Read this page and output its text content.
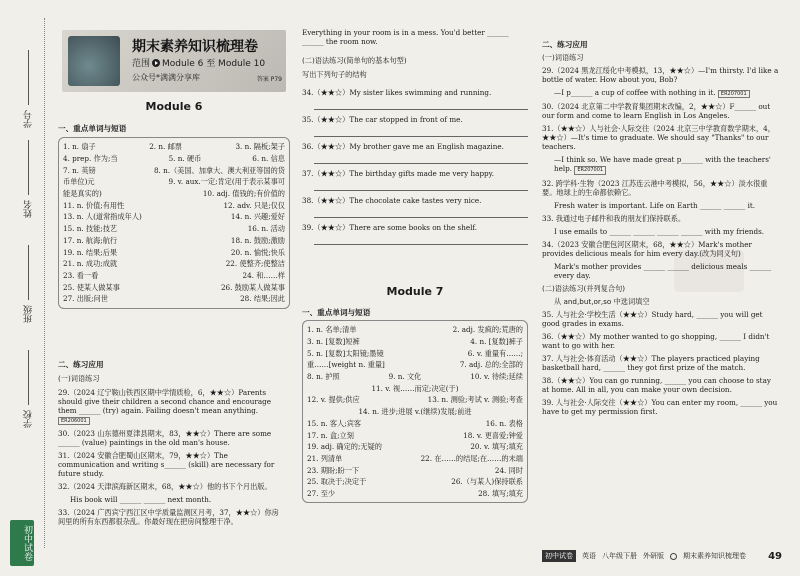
学号
姓名
班级
学校
初中试卷
期末素养知识梳理卷
范围 Module 6 至 Module 10
公众号*满满分享库	答案 P79
Module 6
一、重点单词与短语
1. n. 扇子	2. n. 邮票	3. n. 隔板;架子
4. prep. 作为;当	5. n. 硬币	6. n. 信息
7. n. 英镑	8. n.（美国、加拿大、澳大利亚等国的货
币单位)元	9. v. aux.一定;肯定(用于表示某事可
能是真实的)	10. adj. 值钱的;有价值的
11. n. 价值;有用性	12. adv. 只是;仅仅
13. n. 人(道常指成年人)	14. n. 兴趣;爱好
15. n. 技能;技艺	16. n. 活动
17. n. 航海;航行	18. n. 鼓励;激励
19. n. 结果;后果	20. n. 愉悦;快乐
21. n. 成功;成就	22. 使整齐;使整洁
23. 看一看	24. 和……样
25. 使某人做某事	26. 鼓励某人做某事
27. 出版;问世	28. 结果;因此
二、练习应用
(一)词语练习
29.（2024 辽宁鞍山铁西区期中学情质检，6，★★☆）Parents should give their children a second chance and encourage them ______ (try) again. Failing doesn't mean anything. ER206001
30.（2023 山东德州夏津县期末，83，★★☆）There are some ______ (value) paintings in the old man's house.
31.（2024 安徽合肥蜀山区期末，79，★★☆）The communication and writing s______ (skill) are necessary for future study.
32.（2024 天津滨海新区期末，68，★★☆）他的书下个月出版。
His book will ______ ______ next month.
33.（2024 广西宾宁西江区中学质量监测区月考，37，★★☆）你房间里的所有东西都很杂乱。你最好现在把房间整理干净。
Everything in your room is in a mess. You'd better ______ ______ the room now.
(二)语法练习(简单句的基本句型)
写出下列句子的结构
34.（★★☆）My sister likes swimming and running.
35.（★★☆）The car stopped in front of me.
36.（★★☆）My brother gave me an English magazine.
37.（★★☆）The birthday gifts made me very happy.
38.（★★☆）The chocolate cake tastes very nice.
39.（★★☆）There are some books on the shelf.
Module 7
一、重点单词与短语
1. n. 名单;清单	2. adj. 发疯的;荒唐的
3. n. [复数]短裤	4. n. [复数]裤子
5. n. [复数]太阳镜;墨镜	6. v. 重量有……;
重……[weight n. 重量]	7. adj. 总的;全部的
8. n. 护照	9. n. 文化	10. v. 待续;延续
11. v. 视……而定;决定(于)
12. v. 提供;供应	13. n. 测验;考试 v. 测验;考查
14. n. 进步;进展 v.(继续)发展;前进
15. n. 客人;宾客	16. n. 表格
17. n. 盒;立刻	18. v. 更喜爱;钟爱
19. adj. 确定的;无疑的	20. v. 填写;填充
21. 列清单	22. 在……的结尾;在……的末端
23. 期盼;盼一下	24. 同时
25. 取决于;决定于	26.（与某人)保持联系
27. 至少	28. 填写;填充
二、练习应用
(一)词语练习
29.（2024 黑龙江绥化中考模拟，13，★★☆）—I'm thirsty. I'd like a bottle of water. How about you, Bob?
—I p______ a cup of coffee with nothing in it. ER207001
30.（2024 北京第二中学教育集团期末改编，2，★★☆）F______ out our form and come to learn English in Los Angeles.
31.（★★☆）人与社会·人际交往（2024 北京三中学教育数学期末，4，★★☆）—It's time to graduate. We should say "Thanks" to our teachers.
—I think so. We have made great p______ with the teachers' help. ER207001
32. 跨学科·生物（2023 江苏连云港中考模拟，56，★★☆）淡水很重要。地球上的生命都依赖它。
Fresh water is important. Life on Earth ______ ______ it.
33. 我通过电子邮件和我的朋友们保持联系。
I use emails to ______ ______ ______ ______ with my friends.
34.（2023 安徽合肥包河区期末，68，★★☆）Mark's mother provides delicious meals for him every day.(改为同义句)
Mark's mother provides ______ ______ delicious meals ______ every day.
(二)语法练习(并列复合句)
从 and,but,or,so 中选词填空
35. 人与社会·学校生活（★★☆）Study hard, ______ you will get good grades in exams.
36.（★★☆）My mother wanted to go shopping, ______ I didn't want to go with her.
37. 人与社会·体育活动（★★☆）The players practiced playing basketball hard, ______ they got first prize of the match.
38.（★★☆）You can go running, ______ you can choose to stay at home. All in all, you can make your own decision.
39. 人与社会·人际交往（★★☆）You can enter my room, ______ you have to get my permission first.
初中试卷	英语 八年级下册 外研版	期末素养知识梳理卷 49
